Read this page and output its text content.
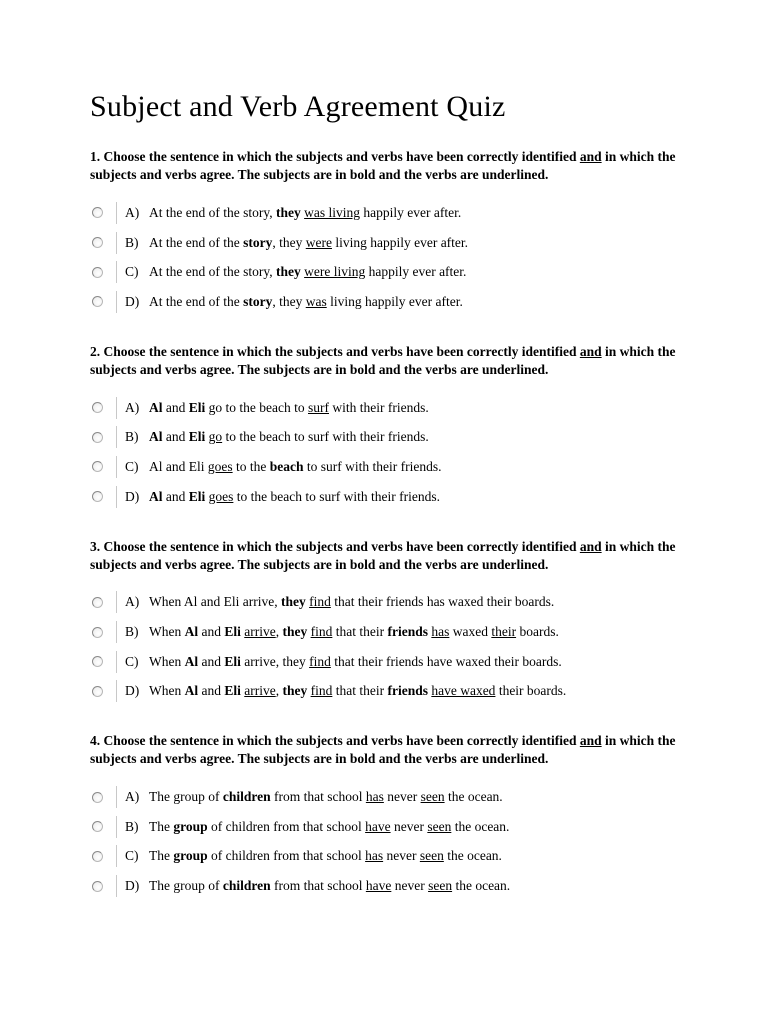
Subject and Verb Agreement Quiz

1. Choose the sentence in which the subjects and verbs have been correctly identified and in which the subjects and verbs agree. The subjects are in bold and the verbs are underlined.

A) At the end of the story, they was living happily ever after.
B) At the end of the story, they were living happily ever after.
C) At the end of the story, they were living happily ever after.
D) At the end of the story, they was living happily ever after.

2. Choose the sentence in which the subjects and verbs have been correctly identified and in which the subjects and verbs agree. The subjects are in bold and the verbs are underlined.

A) Al and Eli go to the beach to surf with their friends.
B) Al and Eli go to the beach to surf with their friends.
C) Al and Eli goes to the beach to surf with their friends.
D) Al and Eli goes to the beach to surf with their friends.

3. Choose the sentence in which the subjects and verbs have been correctly identified and in which the subjects and verbs agree. The subjects are in bold and the verbs are underlined.

A) When Al and Eli arrive, they find that their friends has waxed their boards.
B) When Al and Eli arrive, they find that their friends has waxed their boards.
C) When Al and Eli arrive, they find that their friends have waxed their boards.
D) When Al and Eli arrive, they find that their friends have waxed their boards.

4. Choose the sentence in which the subjects and verbs have been correctly identified and in which the subjects and verbs agree. The subjects are in bold and the verbs are underlined.

A) The group of children from that school has never seen the ocean.
B) The group of children from that school have never seen the ocean.
C) The group of children from that school has never seen the ocean.
D) The group of children from that school have never seen the ocean.
